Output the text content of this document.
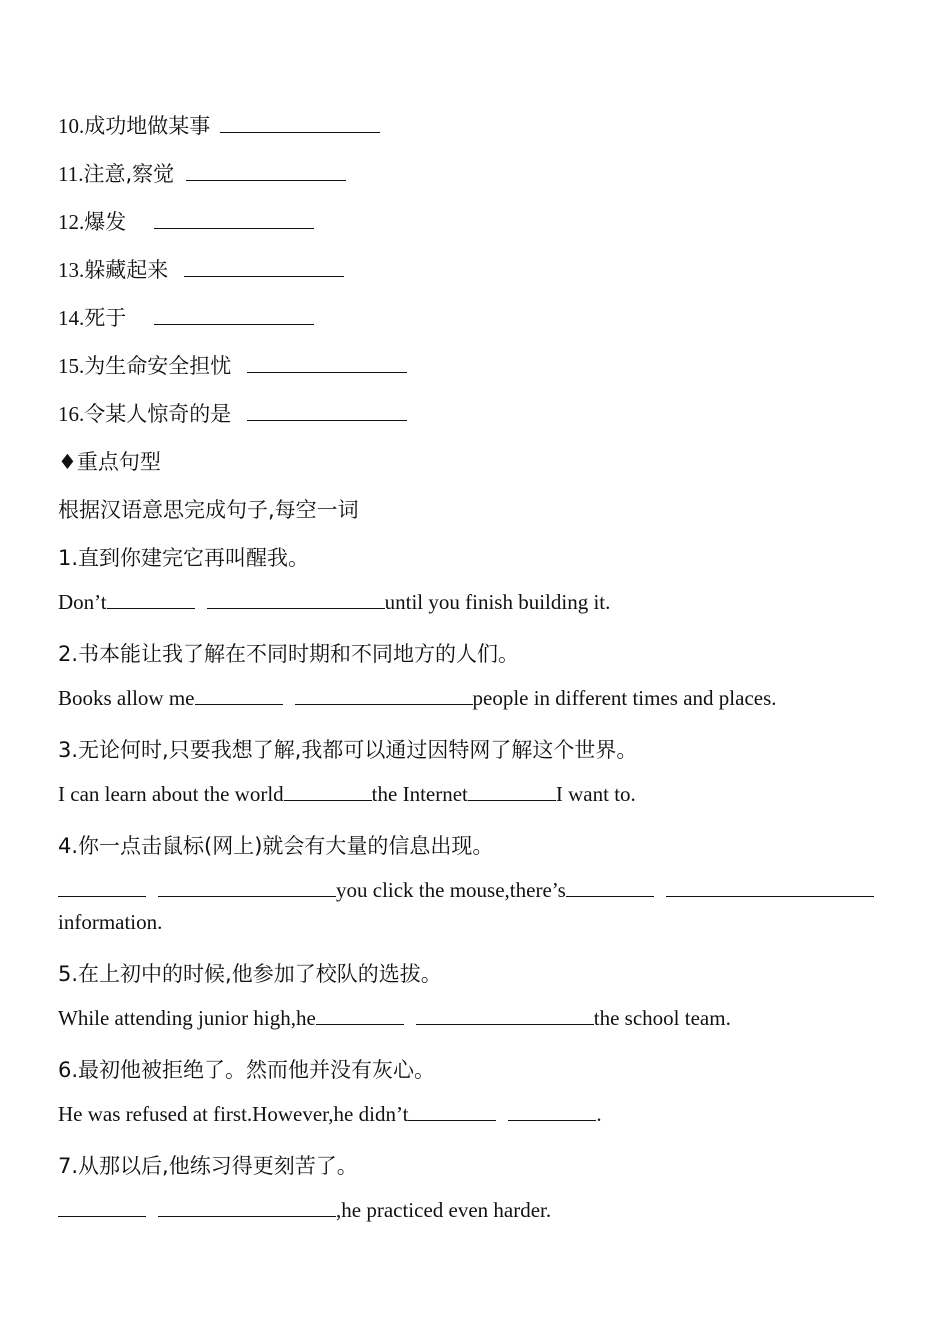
10.成功地做某事
11.注意,察觉
12.爆发
13.躲藏起来
14.死于
15.为生命安全担忧
16.令某人惊奇的是
♦重点句型
根据汉语意思完成句子,每空一词
1.直到你建完它再叫醒我。
Don’t	until you finish building it.
2.书本能让我了解在不同时期和不同地方的人们。
Books allow me	people in different times and places.
3.无论何时,只要我想了解,我都可以通过因特网了解这个世界。
I can learn about the world	the Internet	I want to.
4.你一点击鼠标(网上)就会有大量的信息出现。
you click the mouse,there’s
information.
5.在上初中的时候,他参加了校队的选拔。
While attending junior high,he	the school team.
6.最初他被拒绝了。然而他并没有灰心。
He was refused at first.However,he didn’t	.
7.从那以后,他练习得更刻苦了。
,he practiced even harder.
